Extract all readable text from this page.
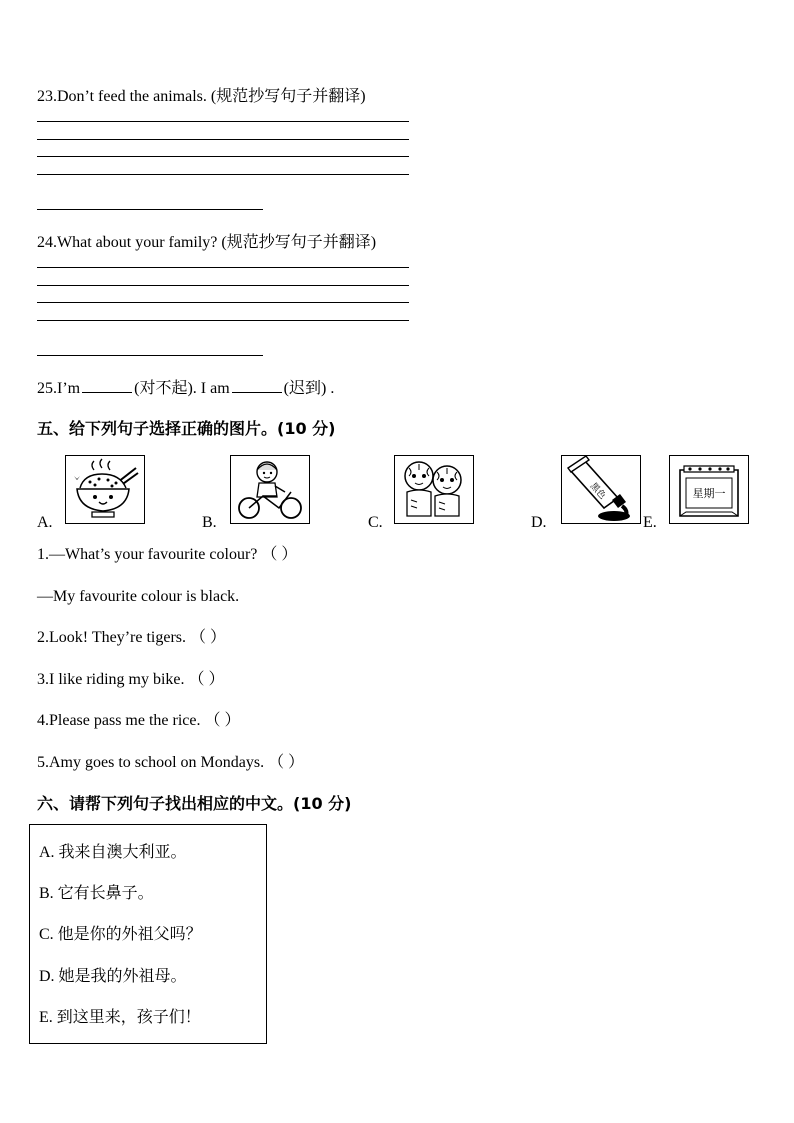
23.Don’t feed the animals. (规范抄写句子并翻译)
24.What about your family? (规范抄写句子并翻译)
25.I’m	(对不起). I am	(迟到) .
五、给下列句子选择正确的图片。(10 分)
A.	B.	C.	D.
黑色
E.
星期一
1.—What’s your favourite colour? （ ）
—My favourite colour is black.
2.Look! They’re tigers. （ ）
3.I like riding my bike. （ ）
4.Please pass me the rice. （ ）
5.Amy goes to school on Mondays. （ ）
六、请帮下列句子找出相应的中文。(10 分)
A. 我来自澳大利亚。
B. 它有长鼻子。
C. 他是你的外祖父吗？
D. 她是我的外祖母。
E. 到这里来，孩子们！
